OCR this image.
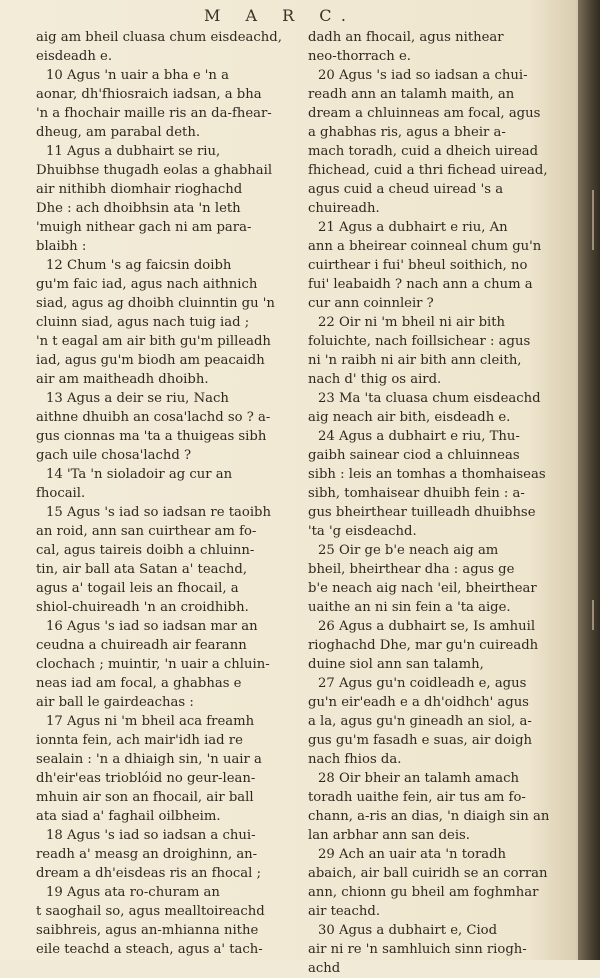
M A R C.
aig am bheil cluasa chum eisdeachd,
eisdeadh e.
10 Agus 'n uair a bha e 'n a
aonar, dh'fhiosraich iadsan, a bha
'n a fhochair maille ris an da-fhear-
dheug, am parabal deth.
11 Agus a dubhairt se riu,
Dhuibhse thugadh eolas a ghabhail
air nithibh diomhair rioghachd
Dhe : ach dhoibhsin ata 'n leth
'muigh nithear gach ni am para-
blaibh :
12 Chum 's ag faicsin doibh
gu'm faic iad, agus nach aithnich
siad, agus ag dhoibh cluinntin gu 'n
cluinn siad, agus nach tuig iad ;
'n t eagal am air bith gu'm pilleadh
iad, agus gu'm biodh am peacaidh
air am maitheadh dhoibh.
13 Agus a deir se riu, Nach
aithne dhuibh an cosa'lachd so ? a-
gus cionnas ma 'ta a thuigeas sibh
gach uile chosa'lachd ?
14 'Ta 'n sioladoir ag cur an
fhocail.
15 Agus 's iad so iadsan re taoibh
an roid, ann san cuirthear am fo-
cal, agus taireis doibh a chluinn-
tin, air ball ata Satan a' teachd,
agus a' togail leis an fhocail, a
shiol-chuireadh 'n an croidhibh.
16 Agus 's iad so iadsan mar an
ceudna a chuireadh air fearann
clochach ; muintir, 'n uair a chluin-
neas iad am focal, a ghabhas e
air ball le gairdeachas :
17 Agus ni 'm bheil aca freamh
ionnta fein, ach mair'idh iad re
sealain : 'n a dhiaigh sin, 'n uair a
dh'eir'eas trioblóid no geur-lean-
mhuin air son an fhocail, air ball
ata siad a' faghail oilbheim.
18 Agus 's iad so iadsan a chui-
readh a' measg an droighinn, an-
dream a dh'eisdeas ris an fhocal ;
19 Agus ata ro-churam an
t saoghail so, agus mealltoireachd
saibhreis, agus an-mhianna nithe
eile teachd a steach, agus a' tach-
dadh an fhocail, agus nithear
neo-thorrach e.
20 Agus 's iad so iadsan a chui-
readh ann an talamh maith, an
dream a chluinneas am focal, agus
a ghabhas ris, agus a bheir a-
mach toradh, cuid a dheich uiread
fhichead, cuid a thri fichead uiread,
agus cuid a cheud uiread 's a
chuireadh.
21 Agus a dubhairt e riu, An
ann a bheirear coinneal chum gu'n
cuirthear i fui' bheul soithich, no
fui' leabaidh ? nach ann a chum a
cur ann coinnleir ?
22 Oir ni 'm bheil ni air bith
foluichte, nach foillsichear : agus
ni 'n raibh ni air bith ann cleith,
nach d' thig os aird.
23 Ma 'ta cluasa chum eisdeachd
aig neach air bith, eisdeadh e.
24 Agus a dubhairt e riu, Thu-
gaibh sainear ciod a chluinneas
sibh : leis an tomhas a thomhaiseas
sibh, tomhaisear dhuibh fein : a-
gus bheirthear tuilleadh dhuibhse
'ta 'g eisdeachd.
25 Oir ge b'e neach aig am
bheil, bheirthear dha : agus ge
b'e neach aig nach 'eil, bheirthear
uaithe an ni sin fein a 'ta aige.
26 Agus a dubhairt se, Is amhuil
rioghachd Dhe, mar gu'n cuireadh
duine siol ann san talamh,
27 Agus gu'n coidleadh e, agus
gu'n eir'eadh e a dh'oidhch' agus
a la, agus gu'n gineadh an siol, a-
gus gu'm fasadh e suas, air doigh
nach fhios da.
28 Oir bheir an talamh amach
toradh uaithe fein, air tus am fo-
chann, a-ris an dias, 'n diaigh sin an
lan arbhar ann san deis.
29 Ach an uair ata 'n toradh
abaich, air ball cuiridh se an corran
ann, chionn gu bheil am foghmhar
air teachd.
30 Agus a dubhairt e, Ciod
air ni re 'n samhluich sinn riogh-
achd
